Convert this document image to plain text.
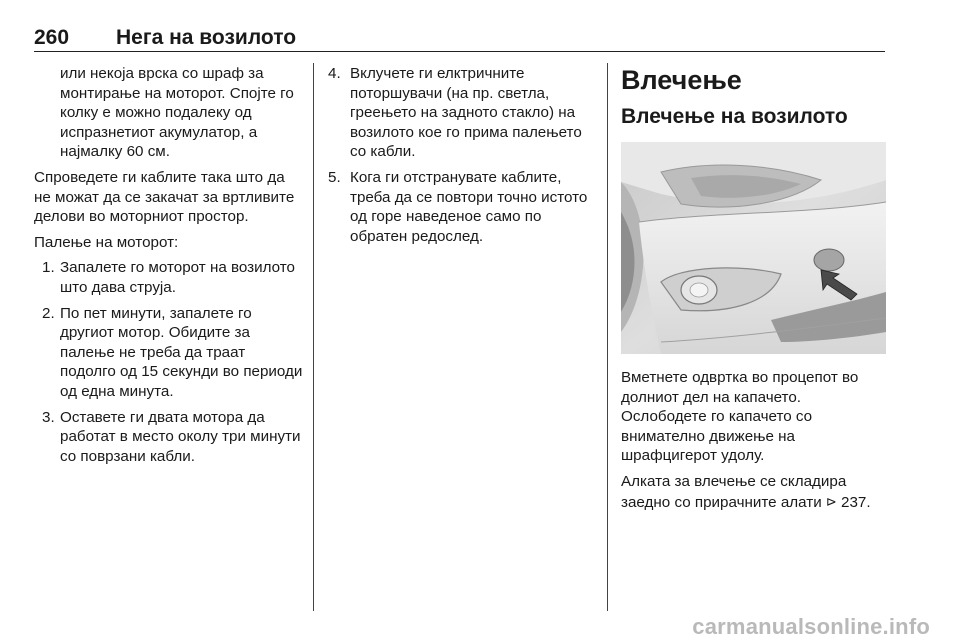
260 Нега на возилото

или некоја врска со шраф за монтирање на моторот. Спојте го колку е можно подалеку од испразнетиот акумулатор, а најмалку 60 см.

Спроведете ги каблите така што да не можат да се закачат за вртливите делови во моторниот простор.

Палење на моторот:

1. Запалете го моторот на возилото што дава струја.
2. По пет минути, запалете го другиот мотор. Обидите за палење не треба да траат подолго од 15 секунди во периоди од една минута.
3. Оставете ги двата мотора да работат в место околу три минути со поврзани кабли.
4. Вклучете ги елктричните поторшувачи (на пр. светла, греењето на задното стакло) на возилото кое го прима палењето со кабли.
5. Кога ги отстранувате каблите, треба да се повтори точно истото од горе наведеное само по обратен редослед.
Влечење
Влечење на возилото

Вметнете одвртка во процепот во долниот дел на капачето. Ослободете го капачето со внимателно движење на шрафцигерот удолу.

Алката за влечење се складира заедно со прирачните алати ⊳ 237.

carmanualsonline.info
